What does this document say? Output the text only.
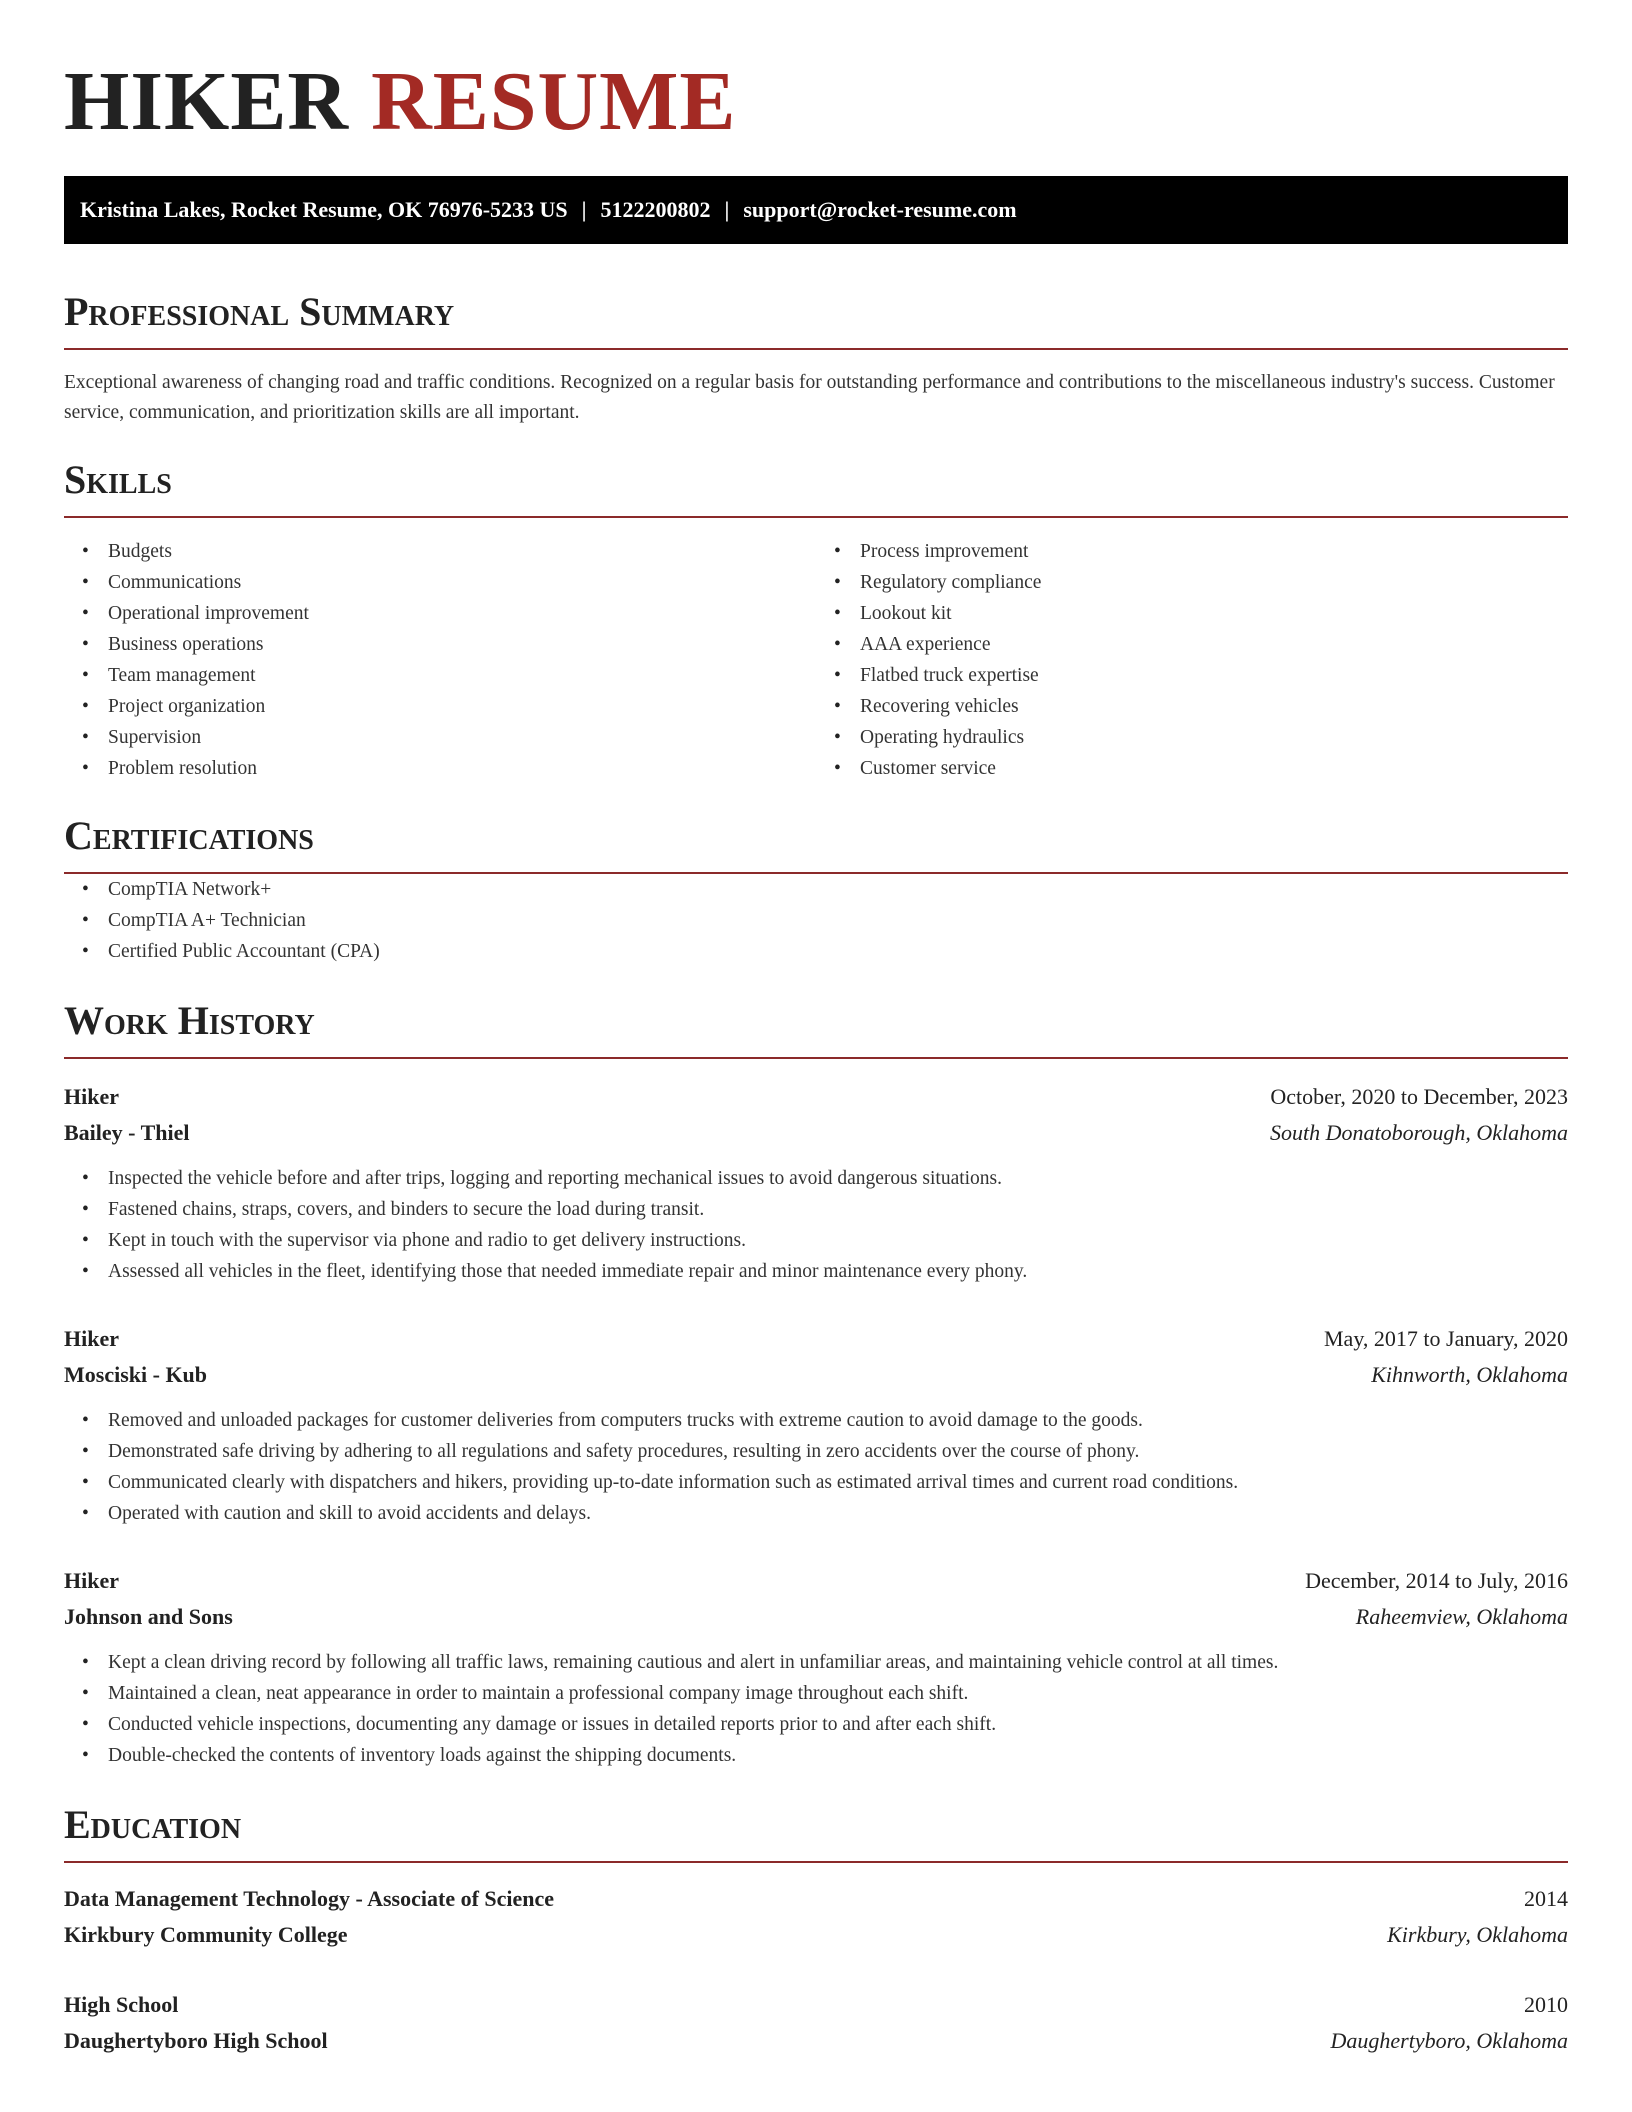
HIKER RESUME
Kristina Lakes, Rocket Resume, OK 76976-5233 US | 5122200802 | support@rocket-resume.com
Professional Summary

Exceptional awareness of changing road and traffic conditions. Recognized on a regular basis for outstanding performance and contributions to the miscellaneous industry's success. Customer service, communication, and prioritization skills are all important.

Skills
• Budgets
• Communications
• Operational improvement
• Business operations
• Team management
• Project organization
• Supervision
• Problem resolution
• Process improvement
• Regulatory compliance
• Lookout kit
• AAA experience
• Flatbed truck expertise
• Recovering vehicles
• Operating hydraulics
• Customer service
Certifications
• CompTIA Network+
• CompTIA A+ Technician
• Certified Public Accountant (CPA)
Work History
Hiker	October, 2020 to December, 2023
Bailey - Thiel	South Donatoborough, Oklahoma
• Inspected the vehicle before and after trips, logging and reporting mechanical issues to avoid dangerous situations.
• Fastened chains, straps, covers, and binders to secure the load during transit.
• Kept in touch with the supervisor via phone and radio to get delivery instructions.
• Assessed all vehicles in the fleet, identifying those that needed immediate repair and minor maintenance every phony.
Hiker	May, 2017 to January, 2020
Mosciski - Kub	Kihnworth, Oklahoma
• Removed and unloaded packages for customer deliveries from computers trucks with extreme caution to avoid damage to the goods.
• Demonstrated safe driving by adhering to all regulations and safety procedures, resulting in zero accidents over the course of phony.
• Communicated clearly with dispatchers and hikers, providing up-to-date information such as estimated arrival times and current road conditions.
• Operated with caution and skill to avoid accidents and delays.
Hiker	December, 2014 to July, 2016
Johnson and Sons	Raheemview, Oklahoma
• Kept a clean driving record by following all traffic laws, remaining cautious and alert in unfamiliar areas, and maintaining vehicle control at all times.
• Maintained a clean, neat appearance in order to maintain a professional company image throughout each shift.
• Conducted vehicle inspections, documenting any damage or issues in detailed reports prior to and after each shift.
• Double-checked the contents of inventory loads against the shipping documents.
Education
Data Management Technology - Associate of Science	2014
Kirkbury Community College	Kirkbury, Oklahoma
High School	2010
Daughertyboro High School	Daughertyboro, Oklahoma
